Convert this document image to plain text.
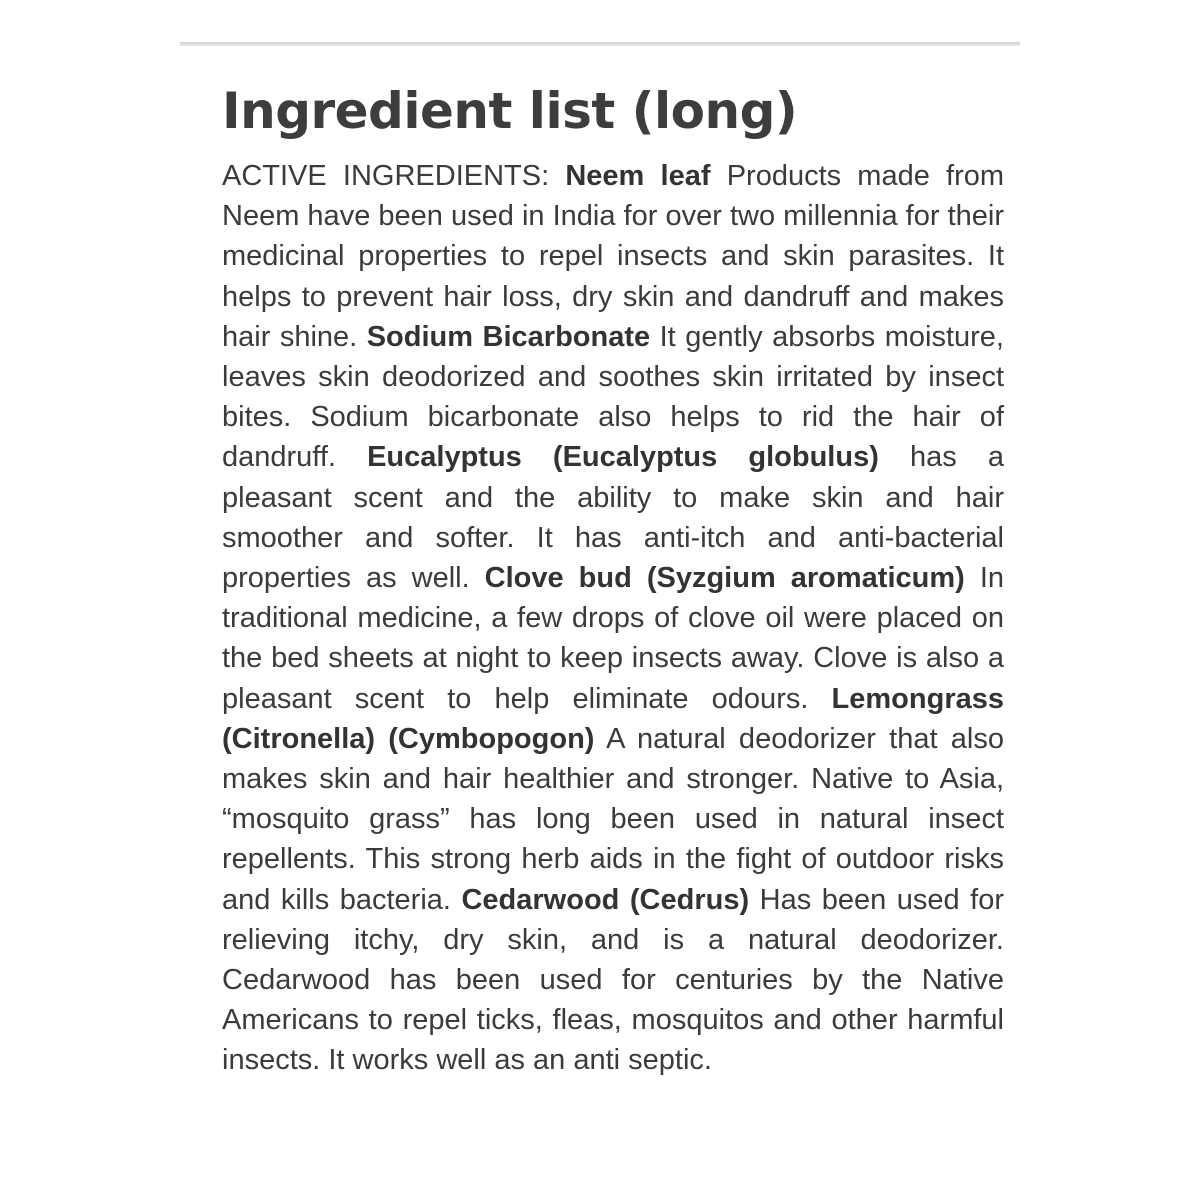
Ingredient list (long)

ACTIVE INGREDIENTS: Neem leaf Products made from Neem have been used in India for over two millennia for their medicinal properties to repel insects and skin parasites. It helps to prevent hair loss, dry skin and dandruff and makes hair shine. Sodium Bicarbonate It gently absorbs moisture, leaves skin deodorized and soothes skin irritated by insect bites. Sodium bicarbonate also helps to rid the hair of dandruff. Eucalyptus (Eucalyptus globulus) has a pleasant scent and the ability to make skin and hair smoother and softer. It has anti-itch and anti-bacterial properties as well. Clove bud (Syzgium aromaticum) In traditional medicine, a few drops of clove oil were placed on the bed sheets at night to keep insects away. Clove is also a pleasant scent to help eliminate odours. Lemongrass (Citronella) (Cymbopogon) A natural deodorizer that also makes skin and hair healthier and stronger. Native to Asia, “mosquito grass” has long been used in natural insect repellents. This strong herb aids in the fight of outdoor risks and kills bacteria. Cedarwood (Cedrus) Has been used for relieving itchy, dry skin, and is a natural deodorizer. Cedarwood has been used for centuries by the Native Americans to repel ticks, fleas, mosquitos and other harmful insects. It works well as an anti septic.
